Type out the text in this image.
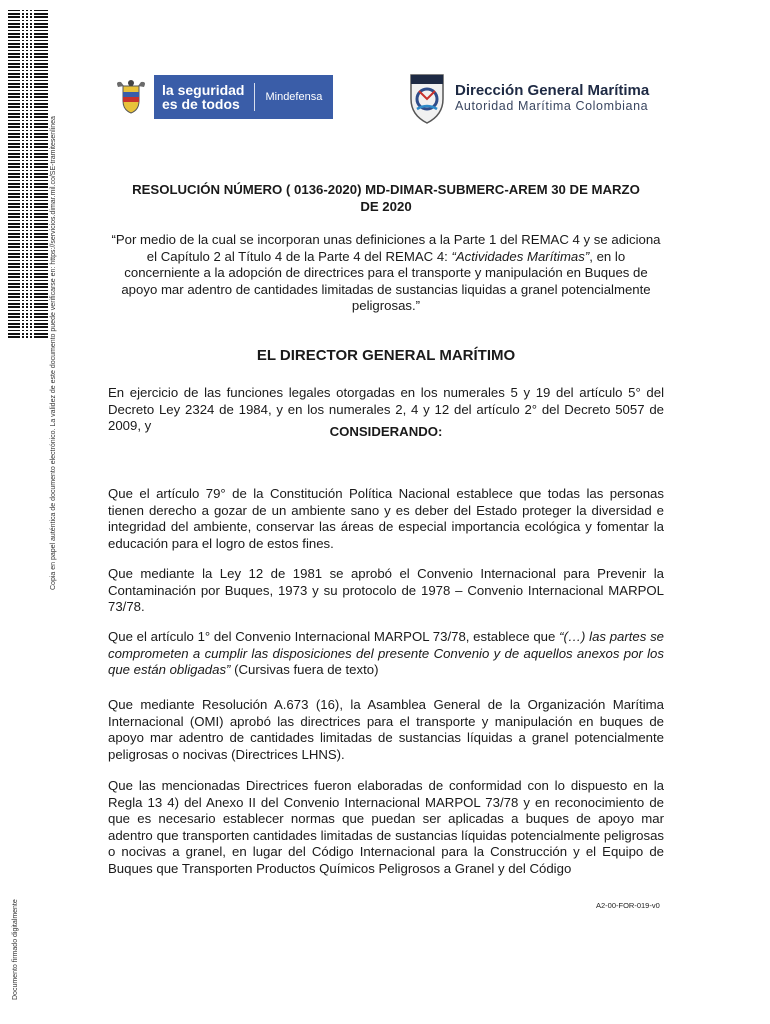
Copia en papel auténtica de documento electrónico. La validez de este documento puede verificarse en: https://servicios.dimar.mil.co/SE-tramitesenlinea
Documento firmado digitalmente
la seguridad
es de todos	Mindefensa	Dirección General Marítima
Autoridad Marítima Colombiana
RESOLUCIÓN NÚMERO ( 0136-2020) MD-DIMAR-SUBMERC-AREM 30 DE MARZO
DE 2020
“Por medio de la cual se incorporan unas definiciones a la Parte 1 del REMAC 4 y se adiciona el Capítulo 2 al Título 4 de la Parte 4 del REMAC 4: “Actividades Marítimas”, en lo concerniente a la adopción de directrices para el transporte y manipulación en Buques de apoyo mar adentro de cantidades limitadas de sustancias liquidas a granel potencialmente peligrosas.”
EL DIRECTOR GENERAL MARÍTIMO
En ejercicio de las funciones legales otorgadas en los numerales 5 y 19 del artículo 5° del Decreto Ley 2324 de 1984, y en los numerales 2, 4 y 12 del artículo 2° del Decreto 5057 de 2009, y	CONSIDERANDO:
Que el artículo 79° de la Constitución Política Nacional establece que todas las personas tienen derecho a gozar de un ambiente sano y es deber del Estado proteger la diversidad e integridad del ambiente, conservar las áreas de especial importancia ecológica y fomentar la educación para el logro de estos fines.
Que mediante la Ley 12 de 1981 se aprobó el Convenio Internacional para Prevenir la Contaminación por Buques, 1973 y su protocolo de 1978 – Convenio Internacional MARPOL 73/78.
Que el artículo 1° del Convenio Internacional MARPOL 73/78, establece que “(…) las partes se comprometen a cumplir las disposiciones del presente Convenio y de aquellos anexos por los que están obligadas” (Cursivas fuera de texto)
Que mediante Resolución A.673 (16), la Asamblea General de la Organización Marítima Internacional (OMI) aprobó las directrices para el transporte y manipulación en buques de apoyo mar adentro de cantidades limitadas de sustancias líquidas a granel potencialmente peligrosas o nocivas (Directrices LHNS).
Que las mencionadas Directrices fueron elaboradas de conformidad con lo dispuesto en la Regla 13 4) del Anexo II del Convenio Internacional MARPOL 73/78 y en reconocimiento de que es necesario establecer normas que puedan ser aplicadas a buques de apoyo mar adentro que transporten cantidades limitadas de sustancias líquidas potencialmente peligrosas o nocivas a granel, en lugar del Código Internacional para la Construcción y el Equipo de Buques que Transporten Productos Químicos Peligrosos a Granel y del Código
A2-00-FOR-019-v0
